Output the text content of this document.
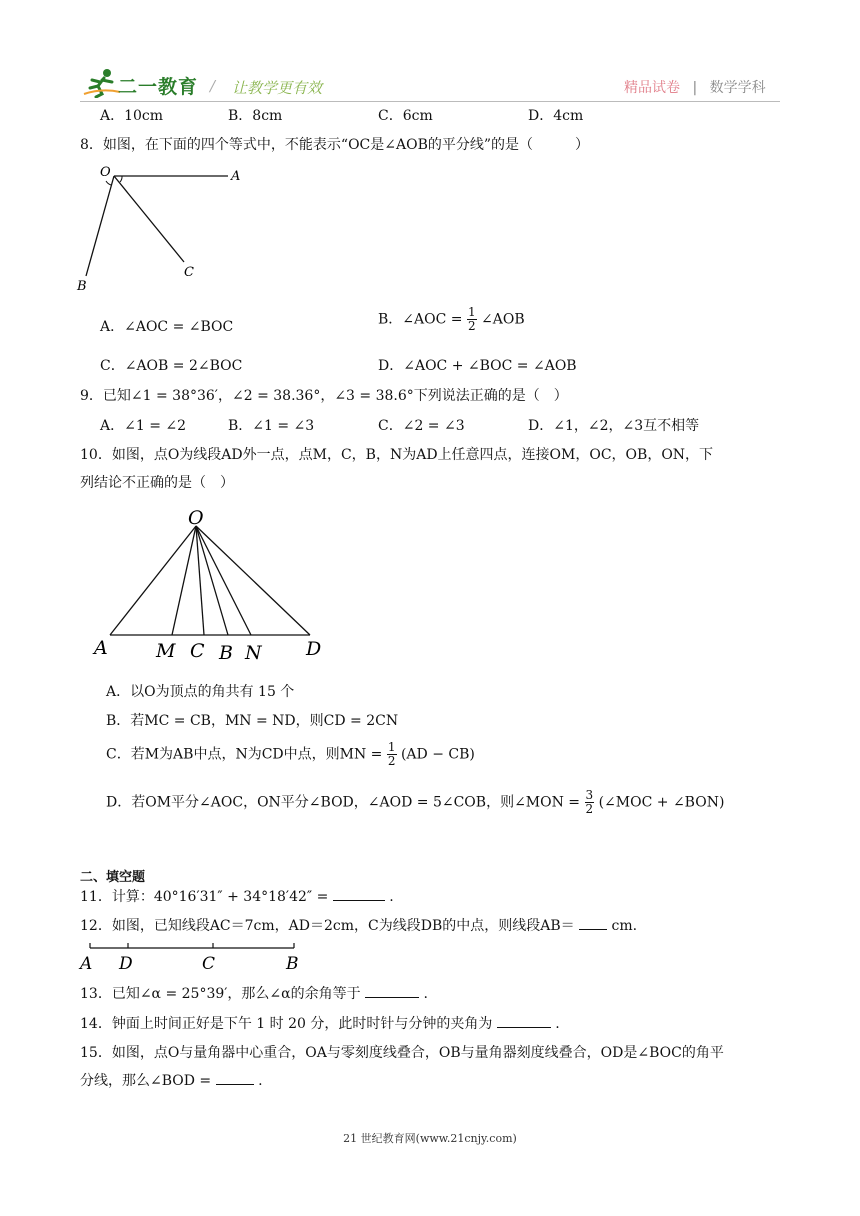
二一教育 / 让教学更有效	精品试卷 | 数学学科
A．10cm	B．8cm	C．6cm	D．4cm
8．如图，在下面的四个等式中，不能表示“OC是∠AOB的平分线”的是（　　　）
O	A
B
C
A．∠AOC = ∠BOC	B．∠AOC = $\frac{1}{2}$ ∠AOB
C．∠AOB = 2∠BOC	D．∠AOC + ∠BOC = ∠AOB
9．已知∠1 = 38°36′，∠2 = 38.36°，∠3 = 38.6°下列说法正确的是（　）
A．∠1 = ∠2	B．∠1 = ∠3	C．∠2 = ∠3	D．∠1，∠2，∠3互不相等
10．如图，点O为线段AD外一点，点M，C，B，N为AD上任意四点，连接OM，OC，OB，ON，下
列结论不正确的是（　）
O
A	M C B N D
A．以O为顶点的角共有 15 个
B．若MC = CB，MN = ND，则CD = 2CN
C．若M为AB中点，N为CD中点，则MN = $\frac{1}{2} (AD - CB)$
D．若OM平分∠AOC，ON平分∠BOD，∠AOD = 5∠COB，则∠MON = $\frac{3}{2}$ (∠MOC + ∠BON)
二、填空题
11．计算：40°16′31″ + 34°18′42″ =	.
12．如图，已知线段AC＝7cm，AD＝2cm，C为线段DB的中点，则线段AB＝	cm.
A D	C	B
13．已知∠α = 25°39′，那么∠α的余角等于	.
14．钟面上时间正好是下午 1 时 20 分，此时时针与分钟的夹角为	.
15．如图，点O与量角器中心重合，OA与零刻度线叠合，OB与量角器刻度线叠合，OD是∠BOC的角平
分线，那么∠BOD =	.
21 世纪教育网(www.21cnjy.com)
